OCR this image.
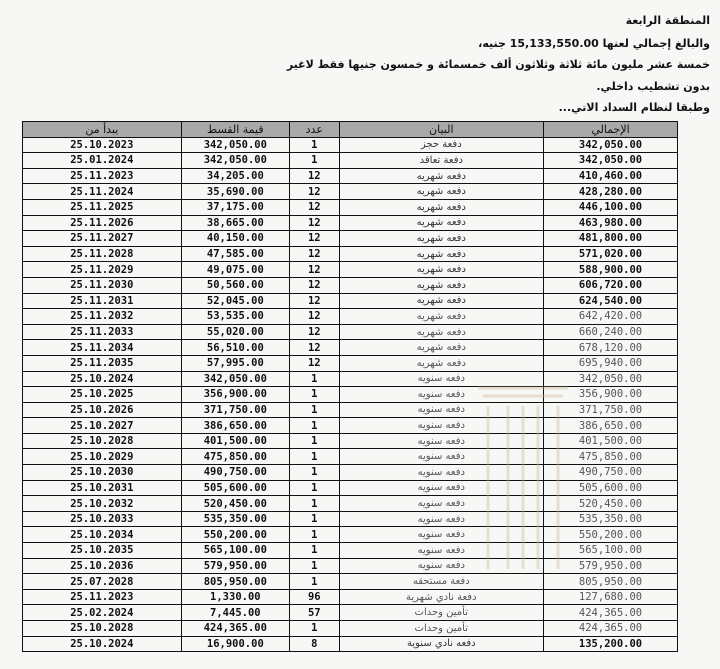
المنطقة الرابعة
والبالغ إجمالي لعنها 15,133,550.00 جنيه،
خمسة عشر مليون مائة ثلاثة وثلاثون ألف خمسمائة و خمسون جنيها فقط لاغير
بدون تشطيب داخلي.
وطبقا لنظام السداد الاتي...
الإجمالي	البيان	عدد	قيمة القسط	يبدأ من
342,050.00	دفعة حجز	1	342,050.00	25.10.2023
342,050.00	دفعة تعاقد	1	342,050.00	25.01.2024
410,460.00	دفعه شهريه	12	34,205.00	25.11.2023
428,280.00	دفعه شهريه	12	35,690.00	25.11.2024
446,100.00	دفعه شهريه	12	37,175.00	25.11.2025
463,980.00	دفعه شهريه	12	38,665.00	25.11.2026
481,800.00	دفعه شهريه	12	40,150.00	25.11.2027
571,020.00	دفعه شهريه	12	47,585.00	25.11.2028
588,900.00	دفعه شهريه	12	49,075.00	25.11.2029
606,720.00	دفعه شهريه	12	50,560.00	25.11.2030
624,540.00	دفعه شهريه	12	52,045.00	25.11.2031
642,420.00	دفعه شهريه	12	53,535.00	25.11.2032
660,240.00	دفعه شهريه	12	55,020.00	25.11.2033
678,120.00	دفعه شهريه	12	56,510.00	25.11.2034
695,940.00	دفعه شهريه	12	57,995.00	25.11.2035
342,050.00	دفعه سنويه	1	342,050.00	25.10.2024
356,900.00	دفعه سنويه	1	356,900.00	25.10.2025
371,750.00	دفعه سنويه	1	371,750.00	25.10.2026
386,650.00	دفعه سنويه	1	386,650.00	25.10.2027
401,500.00	دفعه سنويه	1	401,500.00	25.10.2028
475,850.00	دفعه سنويه	1	475,850.00	25.10.2029
490,750.00	دفعه سنويه	1	490,750.00	25.10.2030
505,600.00	دفعه سنويه	1	505,600.00	25.10.2031
520,450.00	دفعه سنويه	1	520,450.00	25.10.2032
535,350.00	دفعه سنويه	1	535,350.00	25.10.2033
550,200.00	دفعه سنويه	1	550,200.00	25.10.2034
565,100.00	دفعه سنويه	1	565,100.00	25.10.2035
579,950.00	دفعه سنويه	1	579,950.00	25.10.2036
805,950.00	دفعة مستحقه	1	805,950.00	25.07.2028
127,680.00	دفعة نادي شهرية	96	1,330.00	25.11.2023
424,365.00	تأمين وحدات	57	7,445.00	25.02.2024
424,365.00	تأمين وحدات	1	424,365.00	25.10.2028
135,200.00	دفعه نادي سنوية	8	16,900.00	25.10.2024
